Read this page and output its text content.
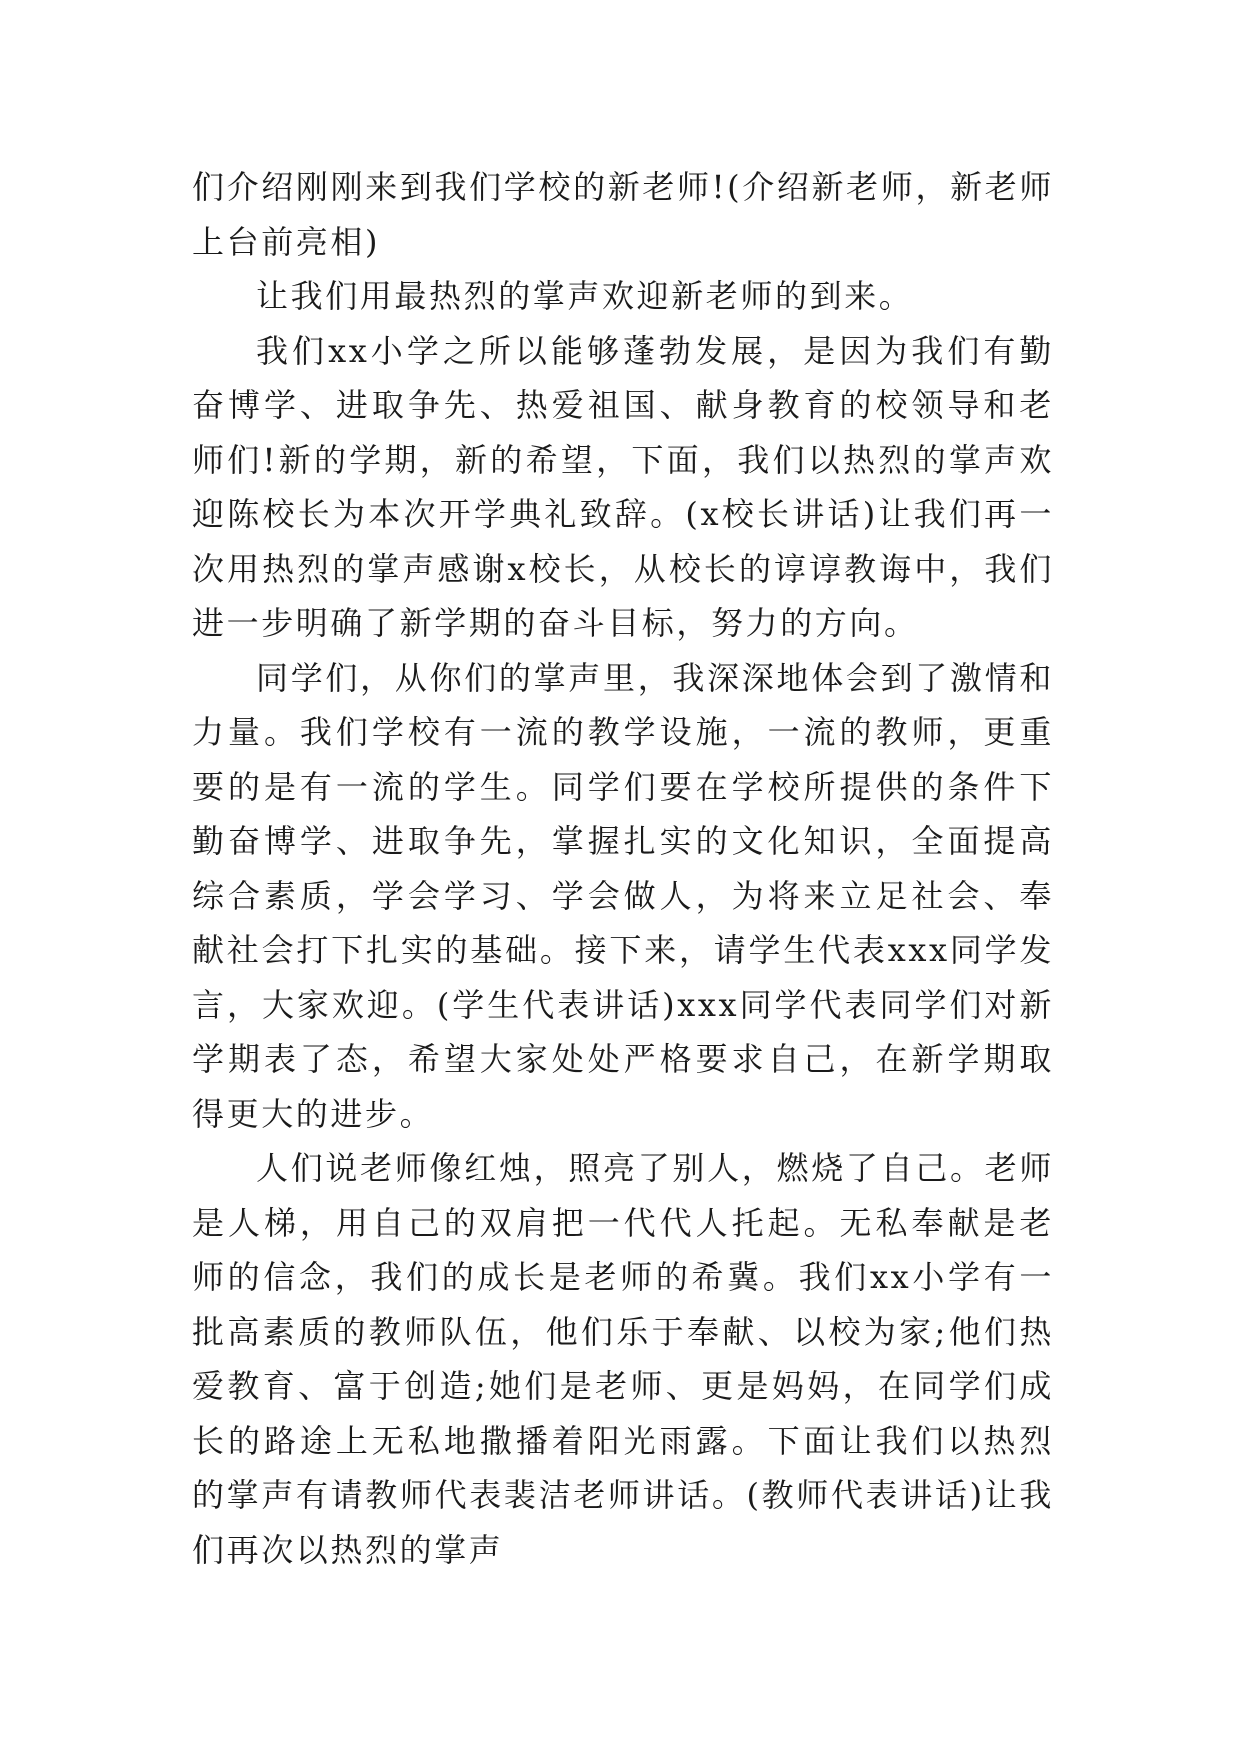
们介绍刚刚来到我们学校的新老师!(介绍新老师，新老师上台前亮相)

让我们用最热烈的掌声欢迎新老师的到来。

我们xx小学之所以能够蓬勃发展，是因为我们有勤奋博学、进取争先、热爱祖国、献身教育的校领导和老师们!新的学期，新的希望，下面，我们以热烈的掌声欢迎陈校长为本次开学典礼致辞。(x校长讲话)让我们再一次用热烈的掌声感谢x校长，从校长的谆谆教诲中，我们进一步明确了新学期的奋斗目标，努力的方向。

同学们，从你们的掌声里，我深深地体会到了激情和力量。我们学校有一流的教学设施，一流的教师，更重要的是有一流的学生。同学们要在学校所提供的条件下勤奋博学、进取争先，掌握扎实的文化知识，全面提高综合素质，学会学习、学会做人，为将来立足社会、奉献社会打下扎实的基础。接下来，请学生代表xxx同学发言，大家欢迎。(学生代表讲话)xxx同学代表同学们对新学期表了态，希望大家处处严格要求自己，在新学期取得更大的进步。

人们说老师像红烛，照亮了别人，燃烧了自己。老师是人梯，用自己的双肩把一代代人托起。无私奉献是老师的信念，我们的成长是老师的希冀。我们xx小学有一批高素质的教师队伍，他们乐于奉献、以校为家;他们热爱教育、富于创造;她们是老师、更是妈妈，在同学们成长的路途上无私地撒播着阳光雨露。下面让我们以热烈的掌声有请教师代表裴洁老师讲话。(教师代表讲话)让我们再次以热烈的掌声
